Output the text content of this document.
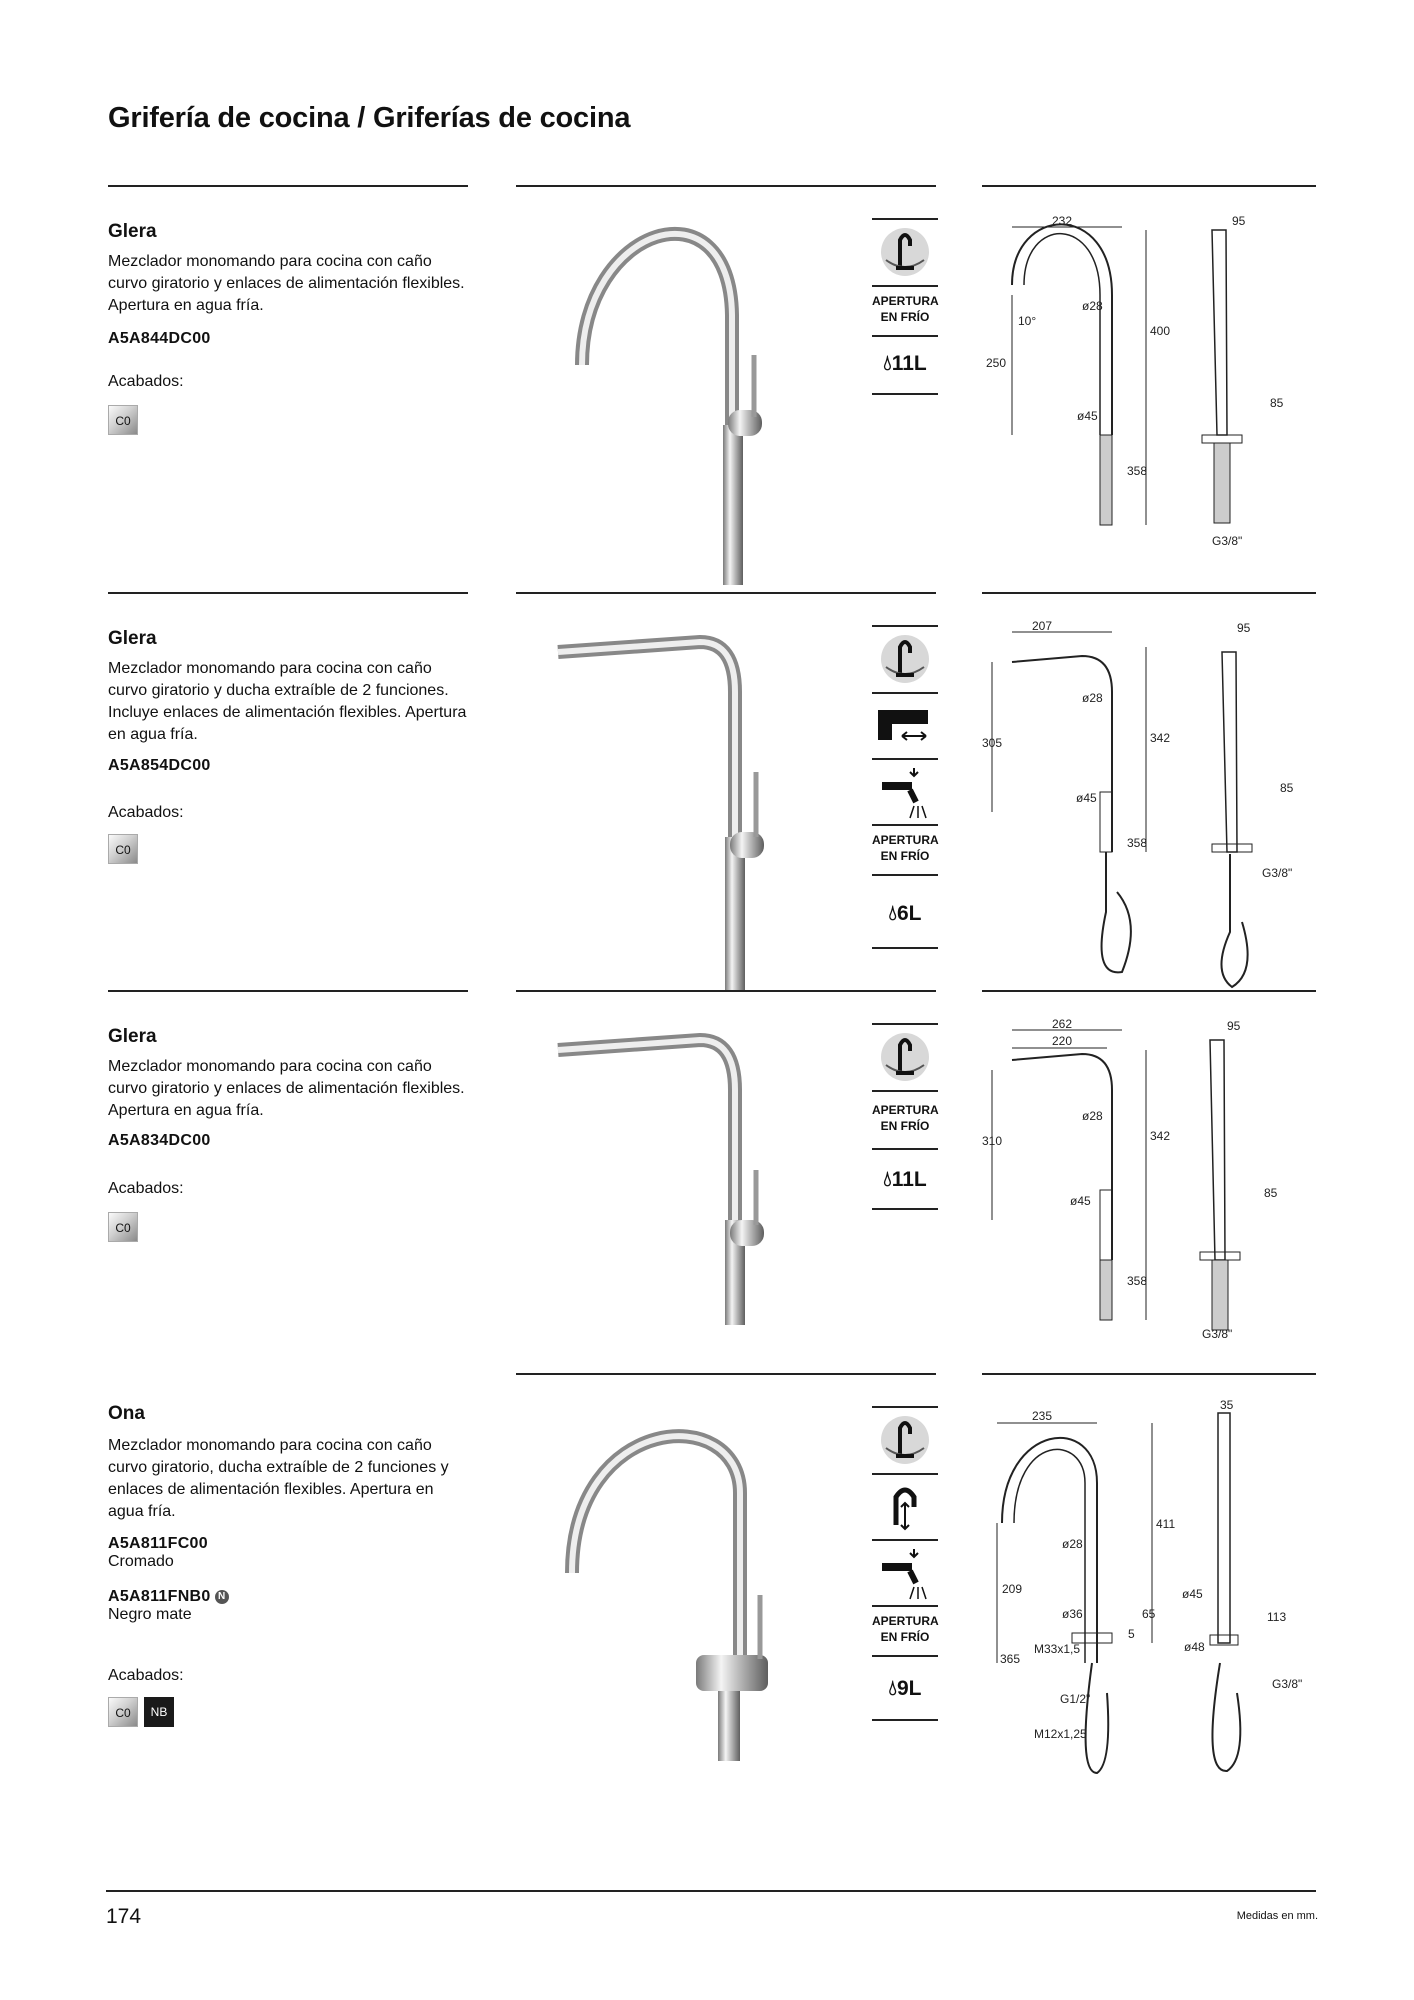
Grifería de cocina / Griferías de cocina
Glera
Mezclador monomando para cocina con caño curvo giratorio y enlaces de alimentación flexibles. Apertura en agua fría.
A5A844DC00
Acabados:
C0
APERTURA
EN FRÍO
💧︎11L
232
ø28
10°
400
250
ø45
358
95
85
G3/8"
Glera
Mezclador monomando para cocina con caño curvo giratorio y ducha extraíble de 2 funciones. Incluye enlaces de alimentación flexibles. Apertura en agua fría.
A5A854DC00
Acabados:
C0
APERTURA
EN FRÍO
💧︎6L
207
ø28
305	342
ø45
358
95
85
G3/8"
Glera
Mezclador monomando para cocina con caño curvo giratorio y enlaces de alimentación flexibles. Apertura en agua fría.
A5A834DC00
Acabados:
C0
APERTURA
EN FRÍO
💧︎11L
262
220
ø28
310	342
ø45
358
95
85
G3/8"
Ona
Mezclador monomando para cocina con caño curvo giratorio, ducha extraíble de 2 funciones y enlaces de alimentación flexibles. Apertura en agua fría.
A5A811FC00
Cromado
A5A811FNB0 N
Negro mate
Acabados:
C0	NB
APERTURA
EN FRÍO
💧︎9L
235
411
ø28
209
ø36	65
5
M33x1,5
365
G1/2"
M12x1,25
35
ø45
113
ø48
G3/8"
174	Medidas en mm.
